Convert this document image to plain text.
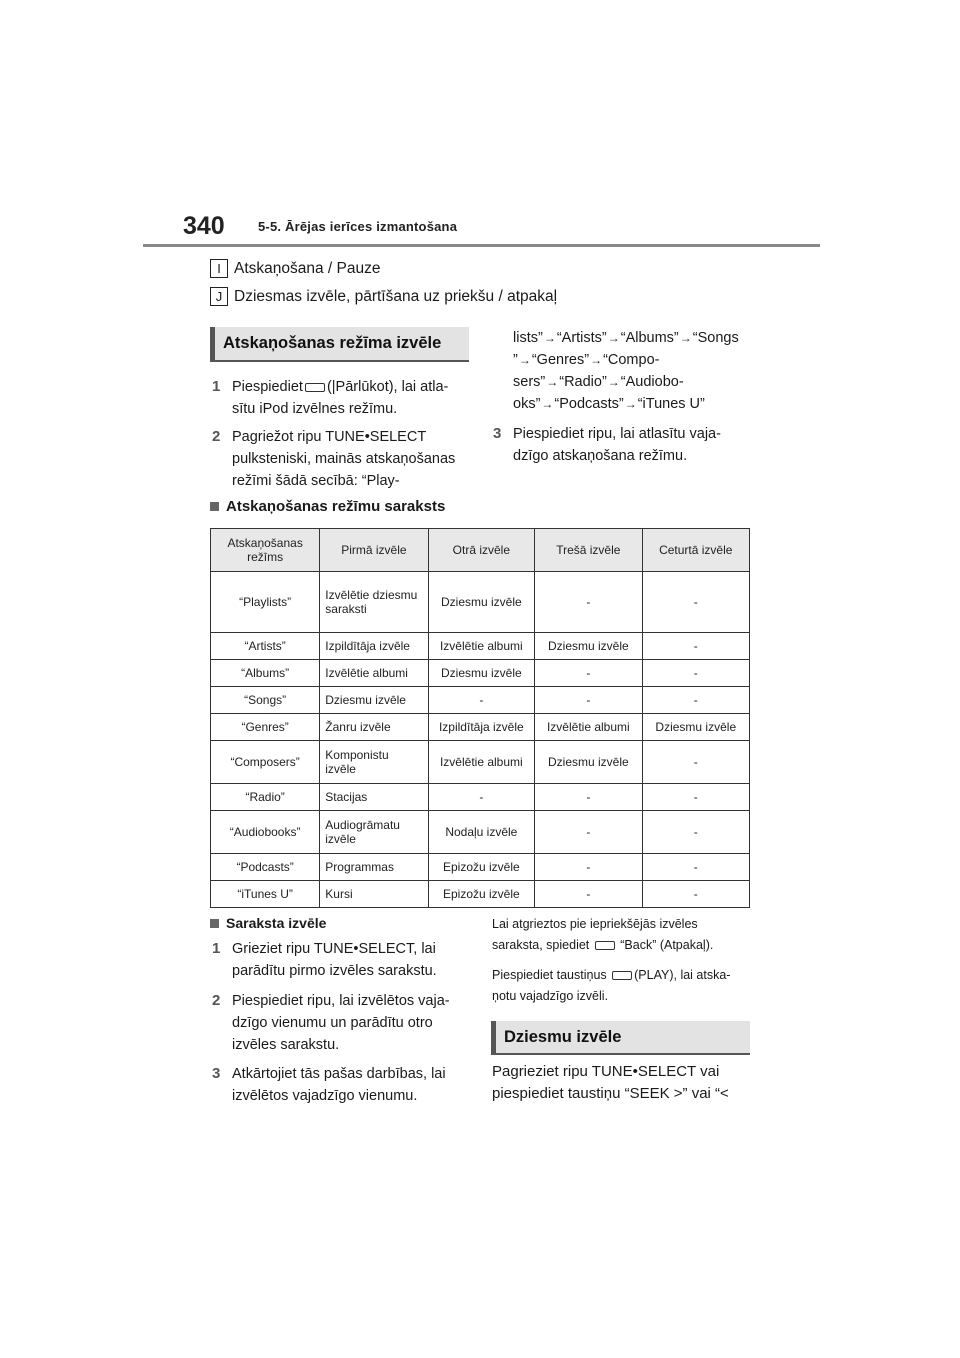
340	5-5. Ārējas ierīces izmantošana
I Atskaņošana / Pauze
J Dziesmas izvēle, pārtīšana uz priekšu / atpakaļ
Atskaņošanas režīma izvēle
1 Piespiediet (|Pārlūkot), lai atla-
sītu iPod izvēlnes režīmu.
2 Pagriežot ripu TUNE•SELECT
pulksteniski, mainās atskaņošanas
režīmi šādā secībā: “Play-
lists”→“Artists”→“Albums”→“Songs
”→“Genres”→“Compo-
sers”→“Radio”→“Audiobo-
oks”→“Podcasts”→“iTunes U”
3 Piespiediet ripu, lai atlasītu vaja-
dzīgo atskaņošana režīmu.
Atskaņošanas režīmu saraksts
Atskaņošanas režīms	Pirmā izvēle	Otrā izvēle	Trešā izvēle	Ceturtā izvēle
“Playlists”	Izvēlētie dziesmu saraksti	Dziesmu izvēle	-	-
“Artists”	Izpildītāja izvēle	Izvēlētie albumi	Dziesmu izvēle	-
“Albums”	Izvēlētie albumi	Dziesmu izvēle	-	-
“Songs”	Dziesmu izvēle	-	-	-
“Genres”	Žanru izvēle	Izpildītāja izvēle	Izvēlētie albumi	Dziesmu izvēle
“Composers”	Komponistu izvēle	Izvēlētie albumi	Dziesmu izvēle	-
“Radio”	Stacijas	-	-	-
“Audiobooks”	Audiogrāmatu izvēle	Nodaļu izvēle	-	-
“Podcasts”	Programmas	Epizožu izvēle	-	-
“iTunes U”	Kursi	Epizožu izvēle	-	-
Saraksta izvēle
1 Grieziet ripu TUNE•SELECT, lai
parādītu pirmo izvēles sarakstu.
2 Piespiediet ripu, lai izvēlētos vaja-
dzīgo vienumu un parādītu otro
izvēles sarakstu.
3 Atkārtojiet tās pašas darbības, lai
izvēlētos vajadzīgo vienumu.
Lai atgrieztos pie iepriekšējās izvēles
saraksta, spiediet “Back” (Atpakaļ).
Piespiediet taustiņus (PLAY), lai atska-
ņotu vajadzīgo izvēli.
Dziesmu izvēle
Pagrieziet ripu TUNE•SELECT vai
piespiediet taustiņu “SEEK >” vai “<
